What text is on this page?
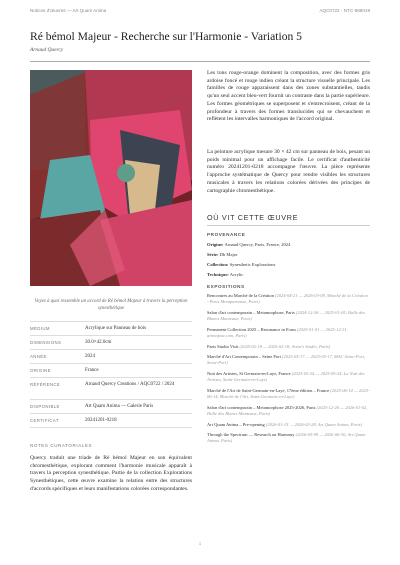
Notices d'œuvres — Art Quam Anima	AQC0722 · NTC-986019
Ré bémol Majeur - Recherche sur l'Harmonie - Variation 5
Arnaud Quercy
Voyez à quoi ressemble un accord de Ré bémol Majeur à travers la perception synesthétique
MÉDIUM	Acrylique sur Panneau de bois
DIMENSIONS	30.0×42.0cm
ANNÉE	2024
ORIGINE	France
RÉFÉRENCE	Arnaud Quercy Creations / AQC0722 / 2024
DISPONIBLE	Art Quam Anima — Galerie Paris
CERTIFICAT	20241201-0218
NOTES CURATORIALES
Quercy traduit une triade de Ré bémol Majeur en son équivalent chromesthétique, explorant comment l'harmonie musicale apparaît à travers la perception synesthétique. Partie de la collection Explorations Synesthétiques, cette œuvre examine la relation entre des structures d'accords spécifiques et leurs manifestations colorées correspondantes.
Les tons rouge-orange dominent la composition, avec des formes gris ardoise foncé et rouge indien créant la structure visuelle principale. Les familles de rouge apparaissent dans des zones substantielles, tandis qu'un seul accent bleu-vert fournit un contraste dans la partie supérieure. Les formes géométriques se superposent et s'entrecroisent, créant de la profondeur à travers des formes translucides qui se chevauchent et reflètent les intervalles harmoniques de l'accord original.
La peinture acrylique mesure 30 × 42 cm sur panneau de bois, pesant un poids minimal pour un affichage facile. Le certificat d'authenticité numéro 20241201-0218 accompagne l'œuvre. La pièce représente l'approche systématique de Quercy pour rendre visibles les structures musicales à travers les relations colorées dérivées des principes de cartographie chromesthétique.
OÙ VIT CETTE ŒUVRE
PROVENANCE
Origine: Arnaud Quercy, Paris, France, 2024
Série: Db Major
Collection: Synesthetic Explorations
Technique: Acrylic
EXPOSITIONS
Rencontres au Marché de la Création (2024-04-21 — 2026-03-09, Marché de la Création - Paris Montparnasse, Paris)
Salon d'art contemporain – Metamorphose, Paris (2024-12-26 — 2025-01-05, Halle des Blancs Manteaux, Paris)
Permanent Collection 2025 – Resonance in Form (2025-01-01 — 2025-12-31, artmajeur.com, Paris)
Paris Studio Visit (2025-02-18 — 2025-02-18, Artist's Studio, Paris)
Marché d'Art Contemporain – Seine Port (2025-05-17 — 2025-05-17, MAC Seine-Port, Seine-Port)
Nuit des Artistes, St Germain-en-Laye, France (2025-05-24 — 2025-05-24, La Nuit des Artistes, Saint-Germain-en-Laye)
Marché de l'Art de Saint-Germain-en-Laye, 17ème édition – France (2025-06-14 — 2025-06-14, Marché de l'Art, Saint-Germain-en-Laye)
Salon d'art contemporain – Metamorphose 2025-2026, Paris (2025-12-26 — 2026-01-02, Halle des Blancs Manteaux, Paris)
Art Quam Anima – Pre-opening (2026-01-15 — 2026-02-28, Art Quam Anima, Paris)
Through the Spectrum — Research on Harmony (2026-03-09 — 2026-06-30, Art Quam Anima, Paris)
1
